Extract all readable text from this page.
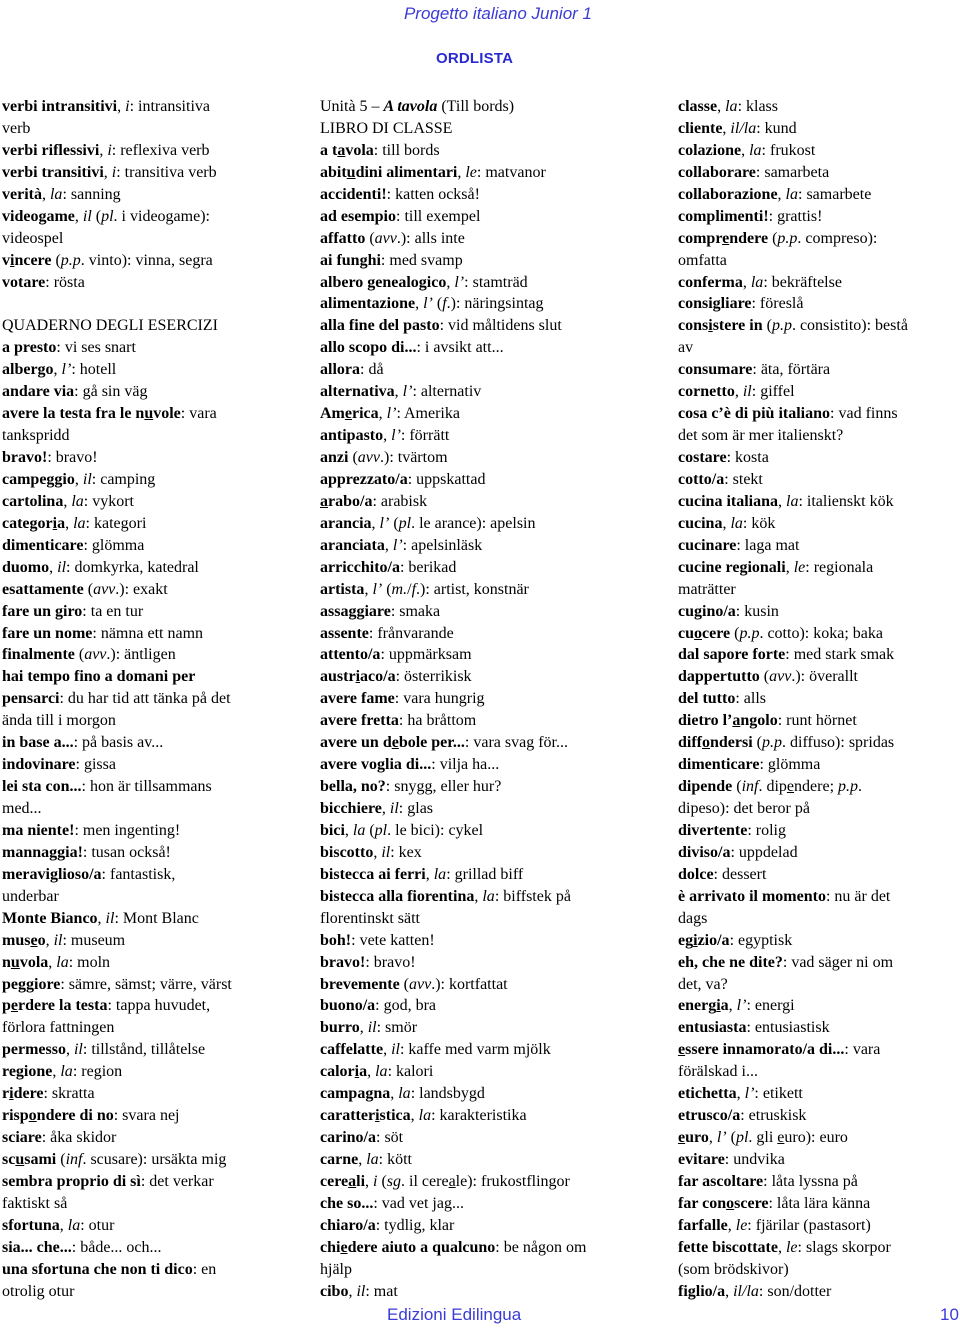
Progetto italiano Junior 1
ORDLISTA
verbi intransitivi, i: intransitiva
verb
verbi riflessivi, i: reflexiva verb
verbi transitivi, i: transitiva verb
verità, la: sanning
videogame, il (pl. i videogame):
videospel
vincere (p.p. vinto): vinna, segra
votare: rösta
QUADERNO DEGLI ESERCIZI
a presto: vi ses snart
albergo, l’: hotell
andare via: gå sin väg
avere la testa fra le nuvole: vara
tankspridd
bravo!: bravo!
campeggio, il: camping
cartolina, la: vykort
categoria, la: kategori
dimenticare: glömma
duomo, il: domkyrka, katedral
esattamente (avv.): exakt
fare un giro: ta en tur
fare un nome: nämna ett namn
finalmente (avv.): äntligen
hai tempo fino a domani per
pensarci: du har tid att tänka på det
ända till i morgon
in base a...: på basis av...
indovinare: gissa
lei sta con...: hon är tillsammans
med...
ma niente!: men ingenting!
mannaggia!: tusan också!
meraviglioso/a: fantastisk,
underbar
Monte Bianco, il: Mont Blanc
museo, il: museum
nuvola, la: moln
peggiore: sämre, sämst; värre, värst
perdere la testa: tappa huvudet,
förlora fattningen
permesso, il: tillstånd, tillåtelse
regione, la: region
ridere: skratta
rispondere di no: svara nej
sciare: åka skidor
scusami (inf. scusare): ursäkta mig
sembra proprio di sì: det verkar
faktiskt så
sfortuna, la: otur
sia... che...: både... och...
una sfortuna che non ti dico: en
otrolig otur
Unità 5 – A tavola (Till bords)
LIBRO DI CLASSE
a tavola: till bords
abitudini alimentari, le: matvanor
accidenti!: katten också!
ad esempio: till exempel
affatto (avv.): alls inte
ai funghi: med svamp
albero genealogico, l’: stamträd
alimentazione, l’ (f.): näringsintag
alla fine del pasto: vid måltidens slut
allo scopo di...: i avsikt att...
allora: då
alternativa, l’: alternativ
America, l’: Amerika
antipasto, l’: förrätt
anzi (avv.): tvärtom
apprezzato/a: uppskattad
arabo/a: arabisk
arancia, l’ (pl. le arance): apelsin
aranciata, l’: apelsinläsk
arricchito/a: berikad
artista, l’ (m./f.): artist, konstnär
assaggiare: smaka
assente: frånvarande
attento/a: uppmärksam
austriaco/a: österrikisk
avere fame: vara hungrig
avere fretta: ha bråttom
avere un debole per...: vara svag för...
avere voglia di...: vilja ha...
bella, no?: snygg, eller hur?
bicchiere, il: glas
bici, la (pl. le bici): cykel
biscotto, il: kex
bistecca ai ferri, la: grillad biff
bistecca alla fiorentina, la: biffstek på
florentinskt sätt
boh!: vete katten!
bravo!: bravo!
brevemente (avv.): kortfattat
buono/a: god, bra
burro, il: smör
caffelatte, il: kaffe med varm mjölk
caloria, la: kalori
campagna, la: landsbygd
caratteristica, la: karakteristika
carino/a: söt
carne, la: kött
cereali, i (sg. il cereale): frukostflingor
che so...: vad vet jag...
chiaro/a: tydlig, klar
chiedere aiuto a qualcuno: be någon om
hjälp
cibo, il: mat
classe, la: klass
cliente, il/la: kund
colazione, la: frukost
collaborare: samarbeta
collaborazione, la: samarbete
complimenti!: grattis!
comprendere (p.p. compreso):
omfatta
conferma, la: bekräftelse
consigliare: föreslå
consistere in (p.p. consistito): bestå
av
consumare: äta, förtära
cornetto, il: giffel
cosa c’è di più italiano: vad finns
det som är mer italienskt?
costare: kosta
cotto/a: stekt
cucina italiana, la: italienskt kök
cucina, la: kök
cucinare: laga mat
cucine regionali, le: regionala
maträtter
cugino/a: kusin
cuocere (p.p. cotto): koka; baka
dal sapore forte: med stark smak
dappertutto (avv.): överallt
del tutto: alls
dietro l’angolo: runt hörnet
diffondersi (p.p. diffuso): spridas
dimenticare: glömma
dipende (inf. dipendere; p.p.
dipeso): det beror på
divertente: rolig
diviso/a: uppdelad
dolce: dessert
è arrivato il momento: nu är det
dags
egizio/a: egyptisk
eh, che ne dite?: vad säger ni om
det, va?
energia, l’: energi
entusiasta: entusiastisk
essere innamorato/a di...: vara
förälskad i...
etichetta, l’: etikett
etrusco/a: etruskisk
euro, l’ (pl. gli euro): euro
evitare: undvika
far ascoltare: låta lyssna på
far conoscere: låta lära känna
farfalle, le: fjärilar (pastasort)
fette biscottate, le: slags skorpor
(som brödskivor)
figlio/a, il/la: son/dotter
Edizioni Edilingua	10
